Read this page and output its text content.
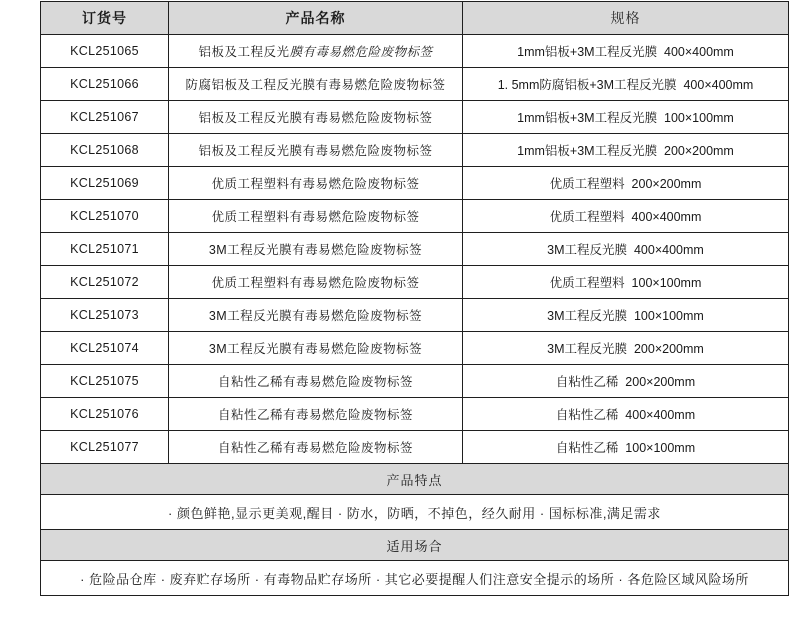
订货号	产品名称	规格
KCL251065	铝板及工程反光膜有毒易燃危险废物标签	1mm铝板+3M工程反光膜  400×400mm
KCL251066	防腐铝板及工程反光膜有毒易燃危险废物标签	1. 5mm防腐铝板+3M工程反光膜  400×400mm
KCL251067	铝板及工程反光膜有毒易燃危险废物标签	1mm铝板+3M工程反光膜  100×100mm
KCL251068	铝板及工程反光膜有毒易燃危险废物标签	1mm铝板+3M工程反光膜  200×200mm
KCL251069	优质工程塑料有毒易燃危险废物标签	优质工程塑料  200×200mm
KCL251070	优质工程塑料有毒易燃危险废物标签	优质工程塑料  400×400mm
KCL251071	3M工程反光膜有毒易燃危险废物标签	3M工程反光膜  400×400mm
KCL251072	优质工程塑料有毒易燃危险废物标签	优质工程塑料  100×100mm
KCL251073	3M工程反光膜有毒易燃危险废物标签	3M工程反光膜  100×100mm
KCL251074	3M工程反光膜有毒易燃危险废物标签	3M工程反光膜  200×200mm
KCL251075	自粘性乙稀有毒易燃危险废物标签	自粘性乙稀  200×200mm
KCL251076	自粘性乙稀有毒易燃危险废物标签	自粘性乙稀  400×400mm
KCL251077	自粘性乙稀有毒易燃危险废物标签	自粘性乙稀  100×100mm
产品特点		
· 颜色鲜艳,显示更美观,醒目 · 防水，防晒，不掉色，经久耐用 · 国标标准,满足需求		
适用场合		
· 危险品仓库 · 废弃贮存场所 · 有毒物品贮存场所 · 其它必要提醒人们注意安全提示的场所 · 各危险区域风险场所		
